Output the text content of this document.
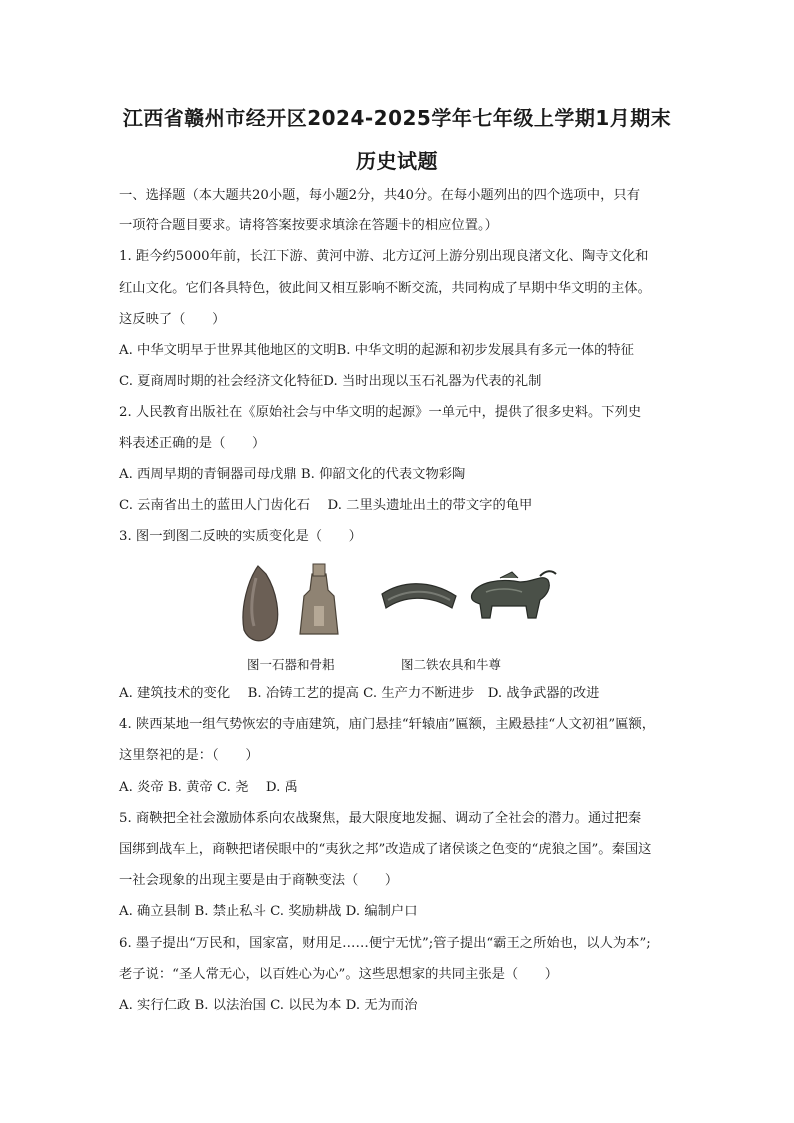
江西省赣州市经开区2024-2025学年七年级上学期1月期末
历史试题
一、选择题（本大题共20小题，每小题2分，共40分。在每小题列出的四个选项中，只有
一项符合题目要求。请将答案按要求填涂在答题卡的相应位置。）
1. 距今约5000年前，长江下游、黄河中游、北方辽河上游分别出现良渚文化、陶寺文化和
红山文化。它们各具特色，彼此间又相互影响不断交流，共同构成了早期中华文明的主体。
这反映了（　　）
A. 中华文明早于世界其他地区的文明B. 中华文明的起源和初步发展具有多元一体的特征
C. 夏商周时期的社会经济文化特征D. 当时出现以玉石礼器为代表的礼制
2. 人民教育出版社在《原始社会与中华文明的起源》一单元中，提供了很多史料。下列史
料表述正确的是（　　）
A. 西周早期的青铜器司母戊鼎 B. 仰韶文化的代表文物彩陶
C. 云南省出土的蓝田人门齿化石　 D. 二里头遗址出土的带文字的龟甲
3. 图一到图二反映的实质变化是（　　）
图一石器和骨耜	图二铁农具和牛尊
A. 建筑技术的变化　 B. 冶铸工艺的提高 C. 生产力不断进步　D. 战争武器的改进
4. 陕西某地一组气势恢宏的寺庙建筑，庙门悬挂“轩辕庙”匾额，主殿悬挂“人文初祖”匾额，
这里祭祀的是：（　　）
A. 炎帝 B. 黄帝 C. 尧　 D. 禹
5. 商鞅把全社会激励体系向农战聚焦，最大限度地发掘、调动了全社会的潜力。通过把秦
国绑到战车上，商鞅把诸侯眼中的“夷狄之邦”改造成了诸侯谈之色变的“虎狼之国”。秦国这
一社会现象的出现主要是由于商鞅变法（　　）
A. 确立县制 B. 禁止私斗 C. 奖励耕战 D. 编制户口
6. 墨子提出“万民和，国家富，财用足……便宁无忧”;管子提出“霸王之所始也，以人为本”;
老子说：“圣人常无心，以百姓心为心”。这些思想家的共同主张是（　　）
A. 实行仁政 B. 以法治国 C. 以民为本 D. 无为而治
